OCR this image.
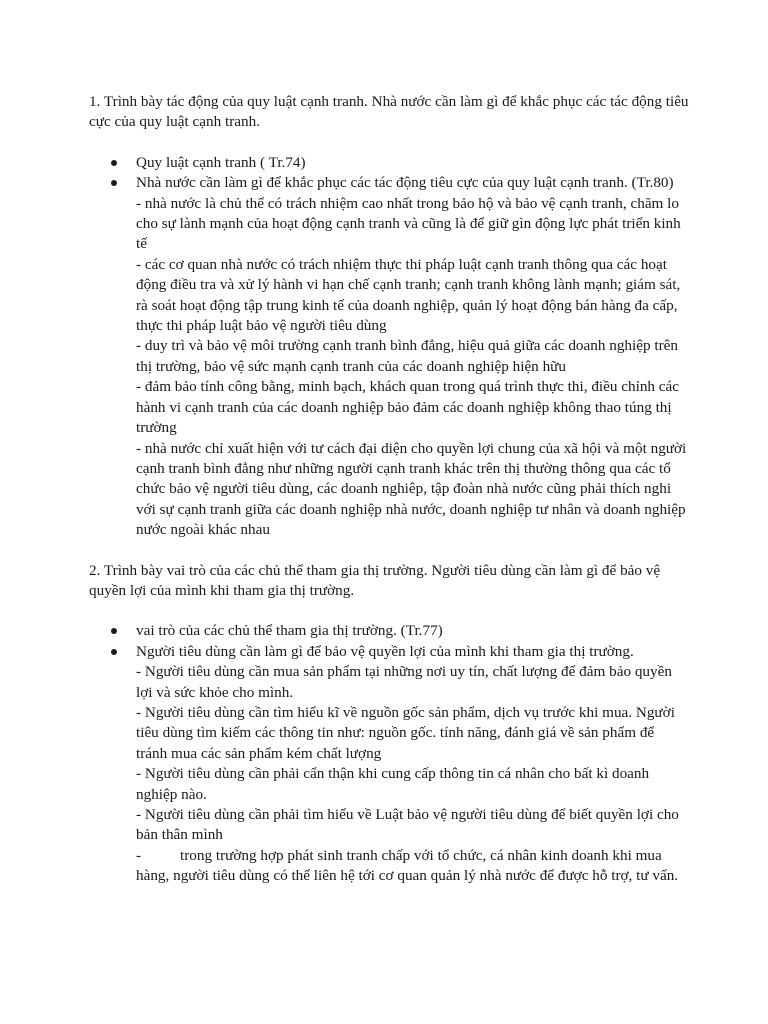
1. Trình bày tác động của quy luật cạnh tranh. Nhà nước cần làm gì để khắc phục các tác động tiêu cực của quy luật cạnh tranh.

Quy luật cạnh tranh ( Tr.74)
Nhà nước cần làm gì để khắc phục các tác động tiêu cực của quy luật cạnh tranh. (Tr.80)
- nhà nước là chủ thể có trách nhiệm cao nhất trong bảo hộ và bảo vệ cạnh tranh, chăm lo cho sự lành mạnh của hoạt động cạnh tranh và cũng là để giữ gìn động lực phát triển kinh tế
- các cơ quan nhà nước có trách nhiệm thực thi pháp luật cạnh tranh thông qua các hoạt động điều tra và xử lý hành vi hạn chế cạnh tranh; cạnh tranh không lành mạnh; giám sát, rà soát hoạt động tập trung kinh tế của doanh nghiệp, quản lý hoạt động bán hàng đa cấp, thực thi pháp luật bảo vệ người tiêu dùng
- duy trì và bảo vệ môi trường cạnh tranh bình đẳng, hiệu quả giữa các doanh nghiệp trên thị trường, bảo vệ sức mạnh cạnh tranh của các doanh nghiệp hiện hữu
- đảm bảo tính công bằng, minh bạch, khách quan trong quá trình thực thi, điều chỉnh các hành vi cạnh tranh của các doanh nghiệp bảo đảm các doanh nghiệp không thao túng thị trường
- nhà nước chỉ xuất hiện với tư cách đại diện cho quyền lợi chung của xã hội và một người cạnh tranh bình đẳng như những người cạnh tranh khác trên thị thường thông qua các tổ chức bảo vệ người tiêu dùng, các doanh nghiêp, tập đoàn nhà nước cũng phải thích nghi với sự cạnh tranh giữa các doanh nghiệp nhà nước, doanh nghiệp tư nhân và doanh nghiệp nước ngoài khác nhau

2. Trình bày vai trò của các chủ thể tham gia thị trường. Người tiêu dùng cần làm gì để bảo vệ quyền lợi của mình khi tham gia thị trường.

vai trò của các chủ thể tham gia thị trường. (Tr.77)
Người tiêu dùng cần làm gì để bảo vệ quyền lợi của mình khi tham gia thị trường.
- Người tiêu dùng cần mua sản phẩm tại những nơi uy tín, chất lượng để đảm bảo quyền lợi và sức khỏe cho mình.
- Người tiêu dùng cần tìm hiểu kĩ về nguồn gốc sản phẩm, dịch vụ trước khi mua. Người tiêu dùng tìm kiếm các thông tin như: nguồn gốc. tính năng, đánh giá về sản phẩm để tránh mua các sản phẩm kém chất lượng
- Người tiêu dùng cần phải cẩn thận khi cung cấp thông tin cá nhân cho bất kì doanh nghiệp nào.
- Người tiêu dùng cần phải tìm hiểu về Luật bảo vệ người tiêu dùng để biết quyền lợi cho bản thân mình
-	trong trường hợp phát sinh tranh chấp với tổ chức, cá nhân kinh doanh khi mua hàng, người tiêu dùng có thể liên hệ tới cơ quan quản lý nhà nước để được hỗ trợ, tư vấn.
